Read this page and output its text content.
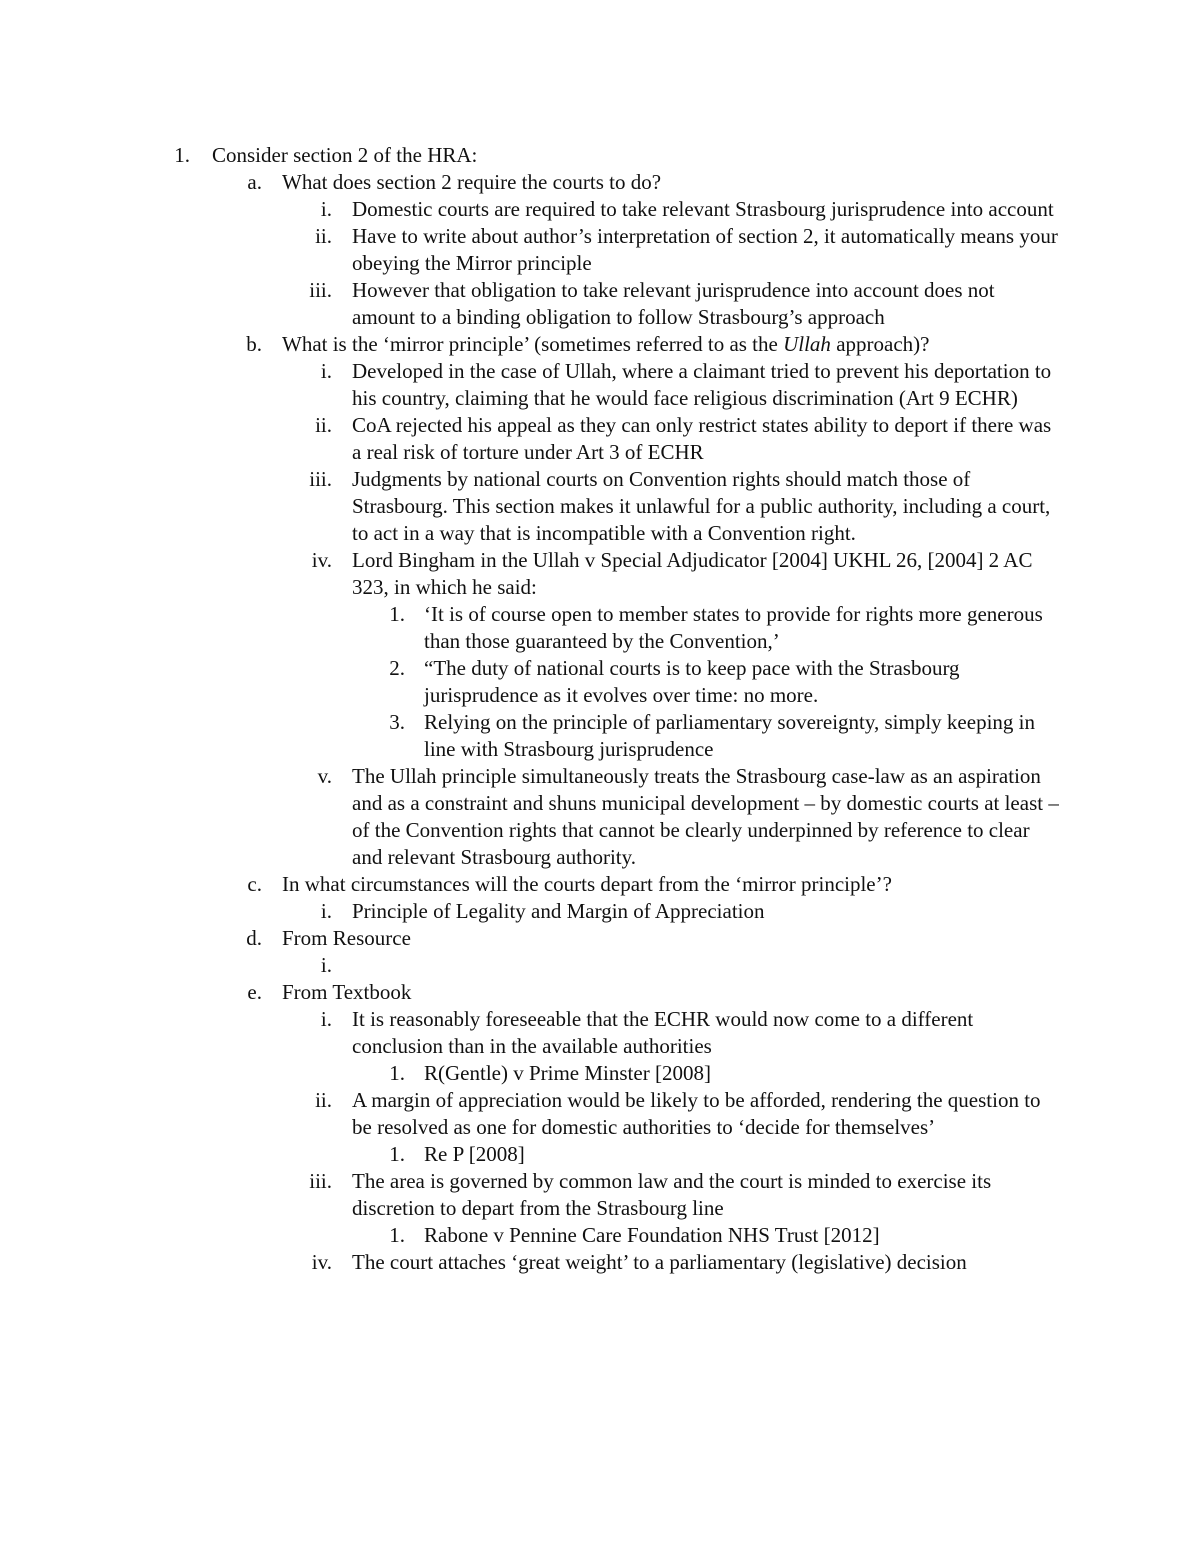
1. Consider section 2 of the HRA:
a. What does section 2 require the courts to do?
i. Domestic courts are required to take relevant Strasbourg jurisprudence into account
ii. Have to write about author’s interpretation of section 2, it automatically means your obeying the Mirror principle
iii. However that obligation to take relevant jurisprudence into account does not amount to a binding obligation to follow Strasbourg’s approach
b. What is the ‘mirror principle’ (sometimes referred to as the Ullah approach)?
i. Developed in the case of Ullah, where a claimant tried to prevent his deportation to his country, claiming that he would face religious discrimination (Art 9 ECHR)
ii. CoA rejected his appeal as they can only restrict states ability to deport if there was a real risk of torture under Art 3 of ECHR
iii. Judgments by national courts on Convention rights should match those of Strasbourg. This section makes it unlawful for a public authority, including a court, to act in a way that is incompatible with a Convention right.
iv. Lord Bingham in the Ullah v Special Adjudicator [2004] UKHL 26, [2004] 2 AC 323, in which he said:
1. ‘It is of course open to member states to provide for rights more generous than those guaranteed by the Convention,’
2. “The duty of national courts is to keep pace with the Strasbourg jurisprudence as it evolves over time: no more.
3. Relying on the principle of parliamentary sovereignty, simply keeping in line with Strasbourg jurisprudence
v. The Ullah principle simultaneously treats the Strasbourg case-law as an aspiration and as a constraint and shuns municipal development – by domestic courts at least – of the Convention rights that cannot be clearly underpinned by reference to clear and relevant Strasbourg authority.
c. In what circumstances will the courts depart from the ‘mirror principle’?
i. Principle of Legality and Margin of Appreciation
d. From Resource
i.

e. From Textbook
i. It is reasonably foreseeable that the ECHR would now come to a different conclusion than in the available authorities
1. R(Gentle) v Prime Minster [2008]
ii. A margin of appreciation would be likely to be afforded, rendering the question to be resolved as one for domestic authorities to ‘decide for themselves’
1. Re P [2008]
iii. The area is governed by common law and the court is minded to exercise its discretion to depart from the Strasbourg line
1. Rabone v Pennine Care Foundation NHS Trust [2012]
iv. The court attaches ‘great weight’ to a parliamentary (legislative) decision
